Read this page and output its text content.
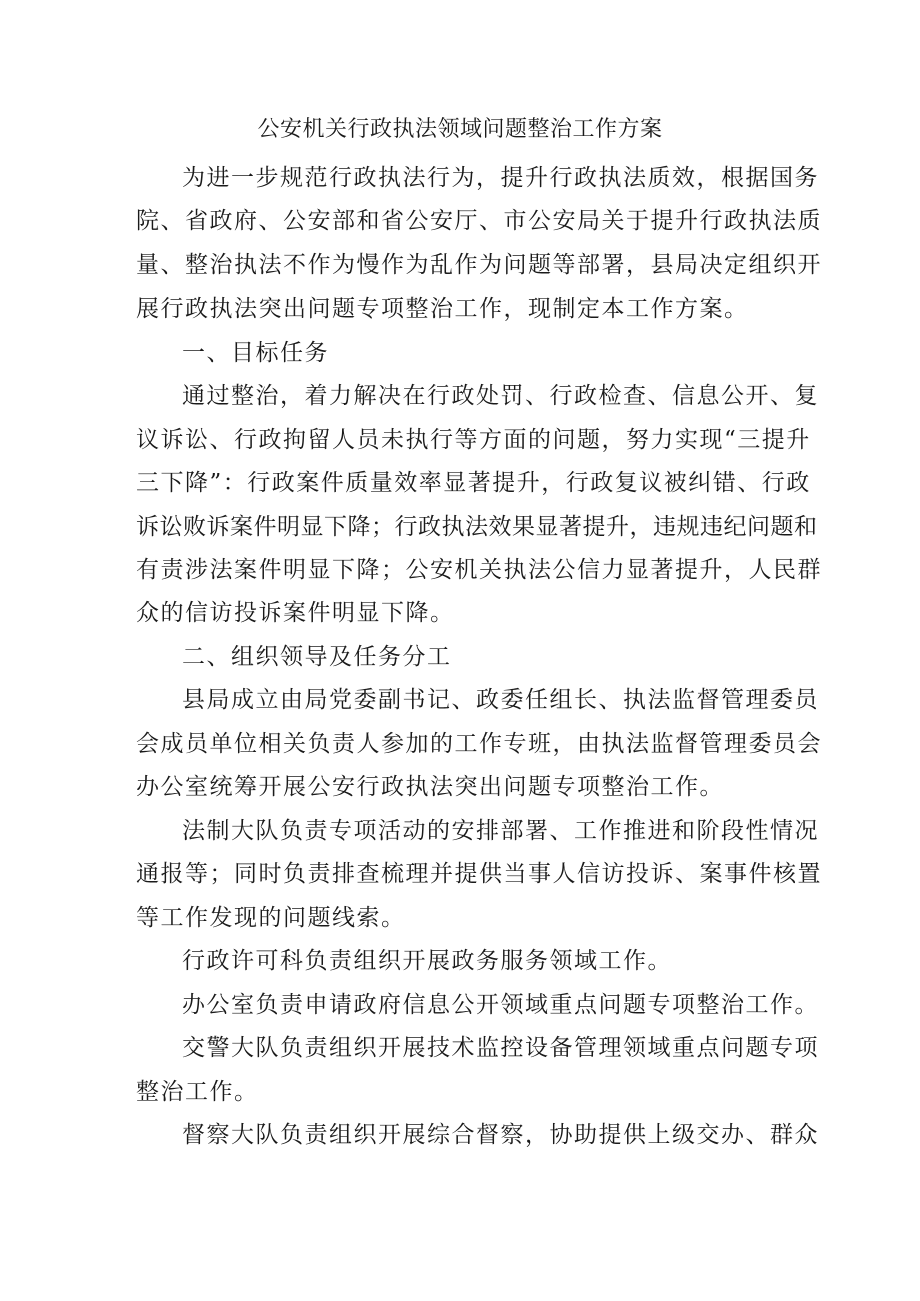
公安机关行政执法领域问题整治工作方案
为进一步规范行政执法行为，提升行政执法质效，根据国务
院、省政府、公安部和省公安厅、市公安局关于提升行政执法质
量、整治执法不作为慢作为乱作为问题等部署，县局决定组织开
展行政执法突出问题专项整治工作，现制定本工作方案。
一、目标任务
通过整治，着力解决在行政处罚、行政检查、信息公开、复
议诉讼、行政拘留人员未执行等方面的问题，努力实现“三提升
三下降”：行政案件质量效率显著提升，行政复议被纠错、行政
诉讼败诉案件明显下降；行政执法效果显著提升，违规违纪问题和
有责涉法案件明显下降；公安机关执法公信力显著提升，人民群
众的信访投诉案件明显下降。
二、组织领导及任务分工
县局成立由局党委副书记、政委任组长、执法监督管理委员
会成员单位相关负责人参加的工作专班，由执法监督管理委员会
办公室统筹开展公安行政执法突出问题专项整治工作。
法制大队负责专项活动的安排部署、工作推进和阶段性情况
通报等；同时负责排查梳理并提供当事人信访投诉、案事件核置
等工作发现的问题线索。
行政许可科负责组织开展政务服务领域工作。
办公室负责申请政府信息公开领域重点问题专项整治工作。
交警大队负责组织开展技术监控设备管理领域重点问题专项
整治工作。
督察大队负责组织开展综合督察，协助提供上级交办、群众
